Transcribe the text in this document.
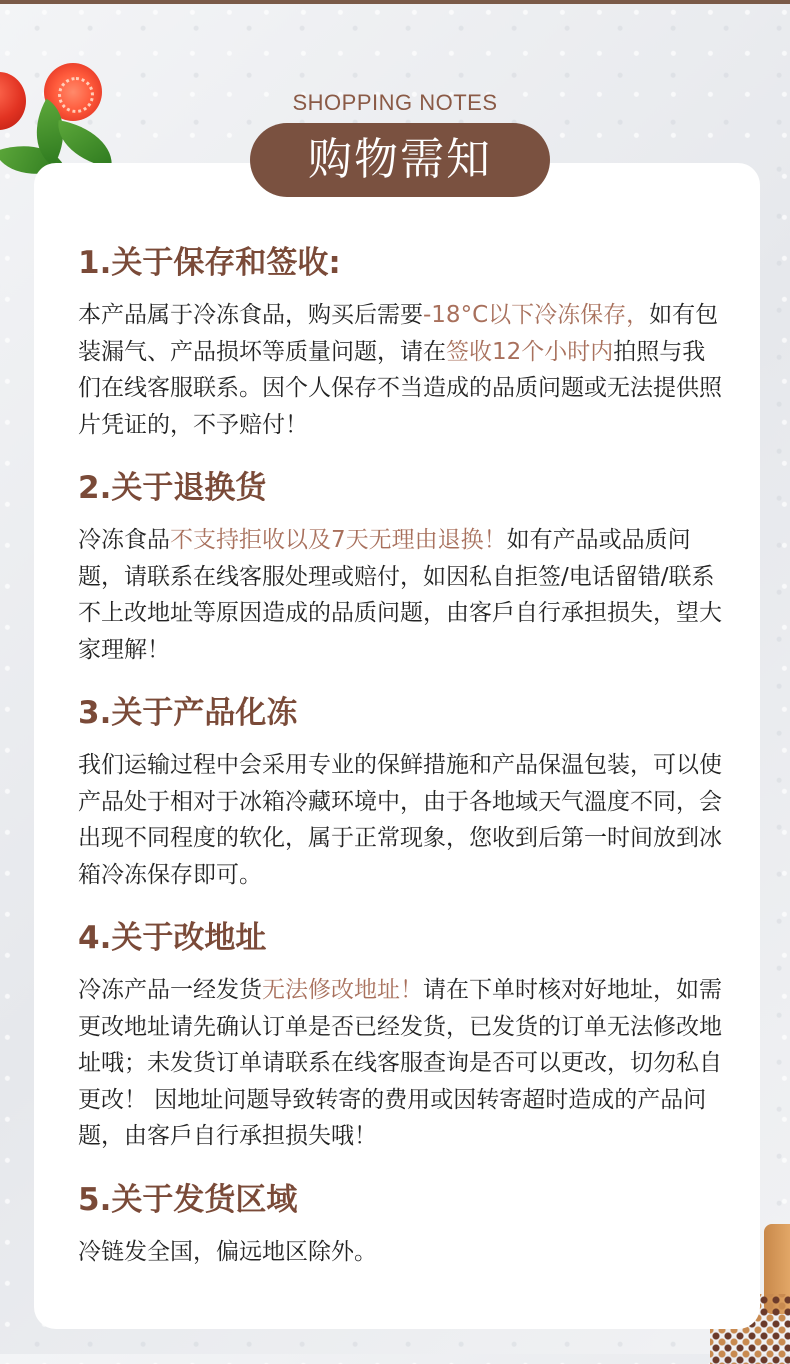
SHOPPING NOTES
购物需知
1.关于保存和签收:
本产品属于冷冻食品，购买后需要-18°C以下冷冻保存，如有包装漏气、产品损坏等质量问题，请在签收12个小时内拍照与我们在线客服联系。因个人保存不当造成的品质问题或无法提供照片凭证的，不予赔付！
2.关于退换货
冷冻食品不支持拒收以及7天无理由退换！如有产品或品质问题，请联系在线客服处理或赔付，如因私自拒签/电话留错/联系不上改地址等原因造成的品质问题，由客戶自行承担损失，望大家理解！
3.关于产品化冻
我们运输过程中会采用专业的保鲜措施和产品保温包装，可以使产品处于相对于冰箱冷藏环境中，由于各地域天气溫度不同，会出现不同程度的软化，属于正常现象，您收到后第一时间放到冰 箱冷冻保存即可。
4.关于改地址
冷冻产品一经发货无法修改地址！请在下单时核对好地址，如需更改地址请先确认订单是否已经发货，已发货的订单无法修改地址哦；未发货订单请联系在线客服查询是否可以更改，切勿私自更改！ 因地址问题导致转寄的费用或因转寄超时造成的产品问题，由客戶自行承担损失哦！
5.关于发货区域
冷链发全国，偏远地区除外。
